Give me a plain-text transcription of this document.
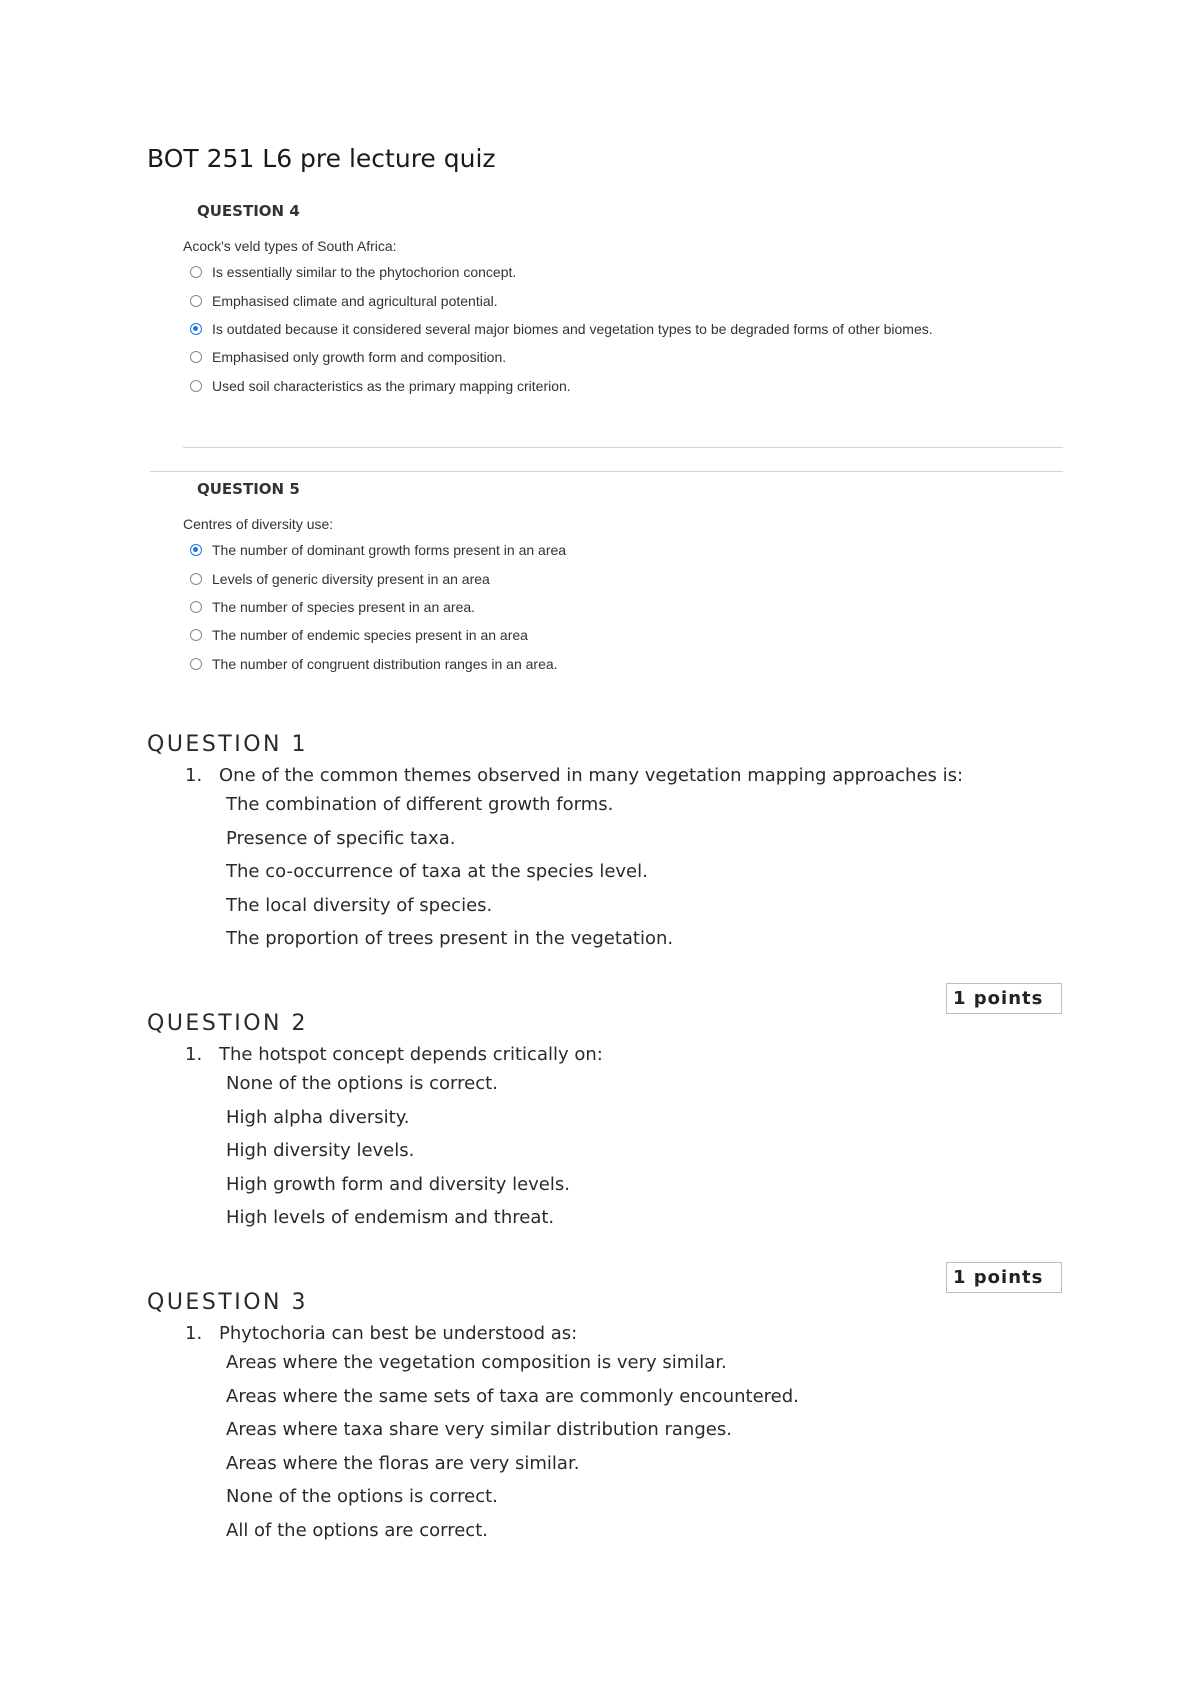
BOT 251 L6 pre lecture quiz
QUESTION 4
Acock's veld types of South Africa:
Is essentially similar to the phytochorion concept.
Emphasised climate and agricultural potential.
Is outdated because it considered several major biomes and vegetation types to be degraded forms of other biomes.
Emphasised only growth form and composition.
Used soil characteristics as the primary mapping criterion.
QUESTION 5
Centres of diversity use:
The number of dominant growth forms present in an area
Levels of generic diversity present in an area
The number of species present in an area.
The number of endemic species present in an area
The number of congruent distribution ranges in an area.
QUESTION 1
1. One of the common themes observed in many vegetation mapping approaches is:
The combination of different growth forms.
Presence of specific taxa.
The co-occurrence of taxa at the species level.
The local diversity of species.
The proportion of trees present in the vegetation.
1 points
QUESTION 2
1. The hotspot concept depends critically on:
None of the options is correct.
High alpha diversity.
High diversity levels.
High growth form and diversity levels.
High levels of endemism and threat.
1 points
QUESTION 3
1. Phytochoria can best be understood as:
Areas where the vegetation composition is very similar.
Areas where the same sets of taxa are commonly encountered.
Areas where taxa share very similar distribution ranges.
Areas where the floras are very similar.
None of the options is correct.
All of the options are correct.
